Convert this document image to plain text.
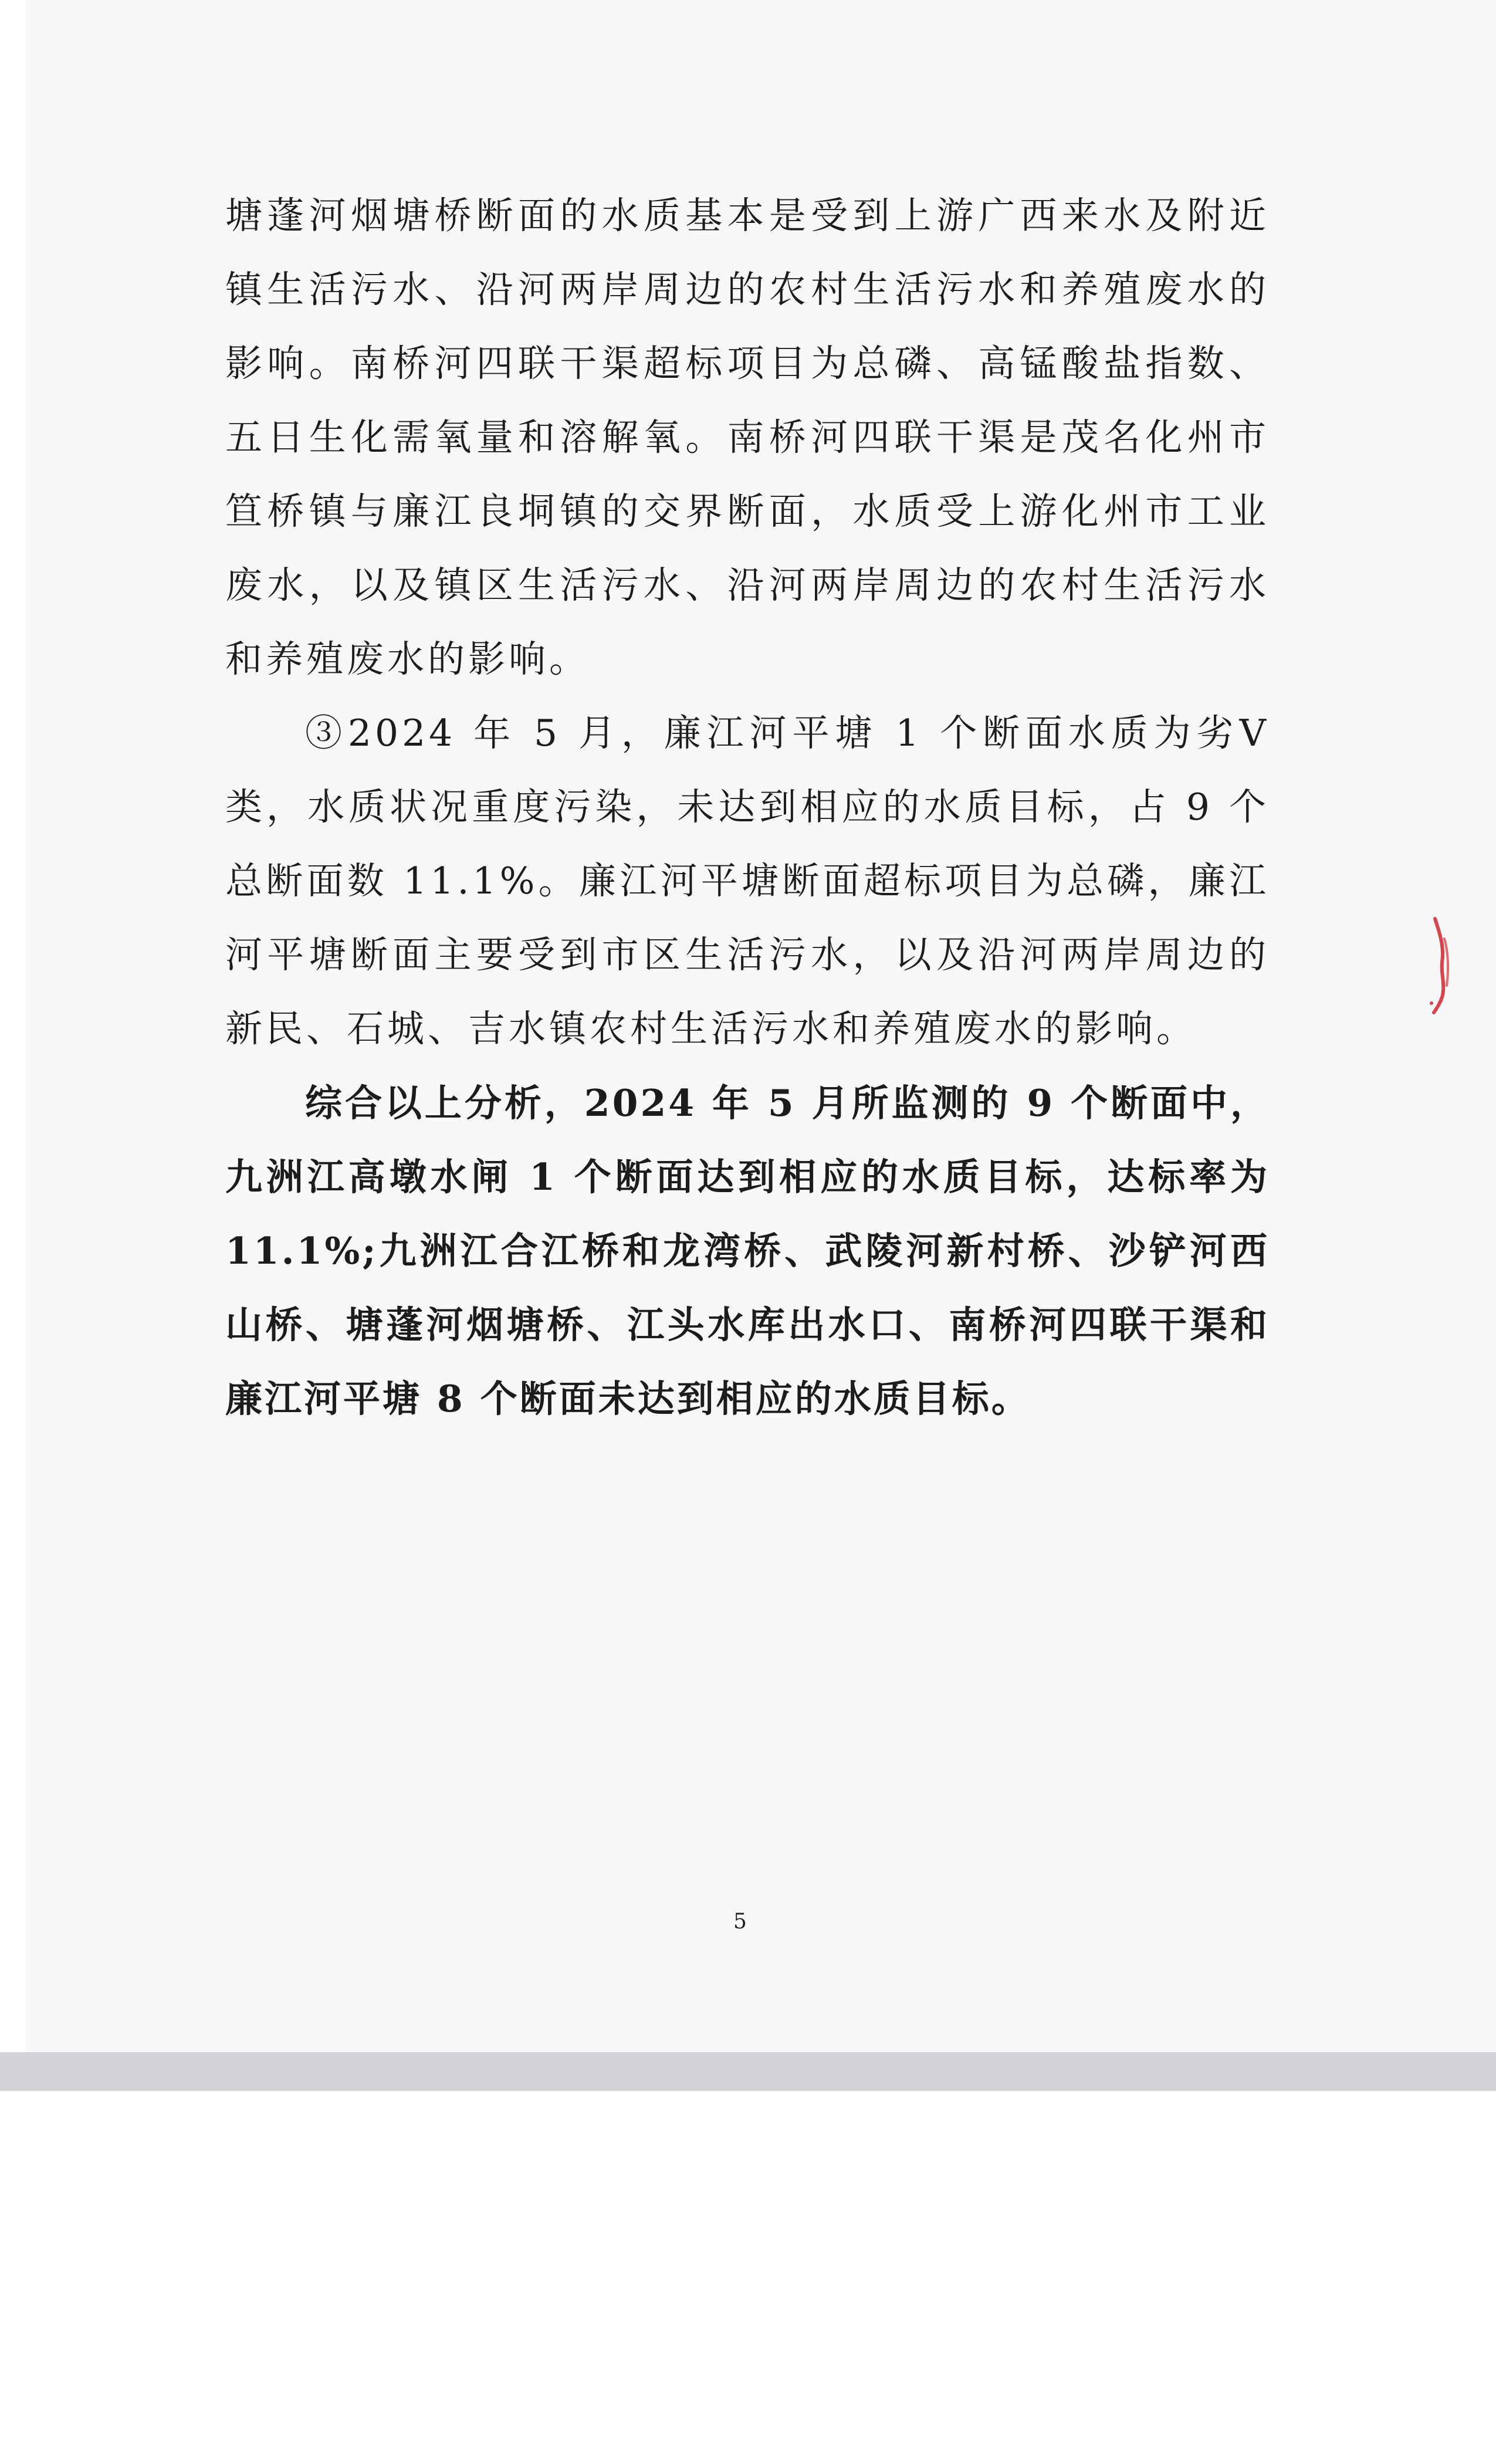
塘蓬河烟塘桥断面的水质基本是受到上游广西来水及附近镇生活污水、沿河两岸周边的农村生活污水和养殖废水的影响。南桥河四联干渠超标项目为总磷、高锰酸盐指数、五日生化需氧量和溶解氧。南桥河四联干渠是茂名化州市笪桥镇与廉江良垌镇的交界断面，水质受上游化州市工业废水，以及镇区生活污水、沿河两岸周边的农村生活污水和养殖废水的影响。

③2024 年 5 月，廉江河平塘 1 个断面水质为劣Ⅴ类，水质状况重度污染，未达到相应的水质目标，占 9 个总断面数 11.1%。廉江河平塘断面超标项目为总磷，廉江河平塘断面主要受到市区生活污水，以及沿河两岸周边的新民、石城、吉水镇农村生活污水和养殖废水的影响。

综合以上分析，2024 年 5 月所监测的 9 个断面中，九洲江高墩水闸 1 个断面达到相应的水质目标，达标率为 11.1%;九洲江合江桥和龙湾桥、武陵河新村桥、沙铲河西山桥、塘蓬河烟塘桥、江头水库出水口、南桥河四联干渠和廉江河平塘 8 个断面未达到相应的水质目标。

5
